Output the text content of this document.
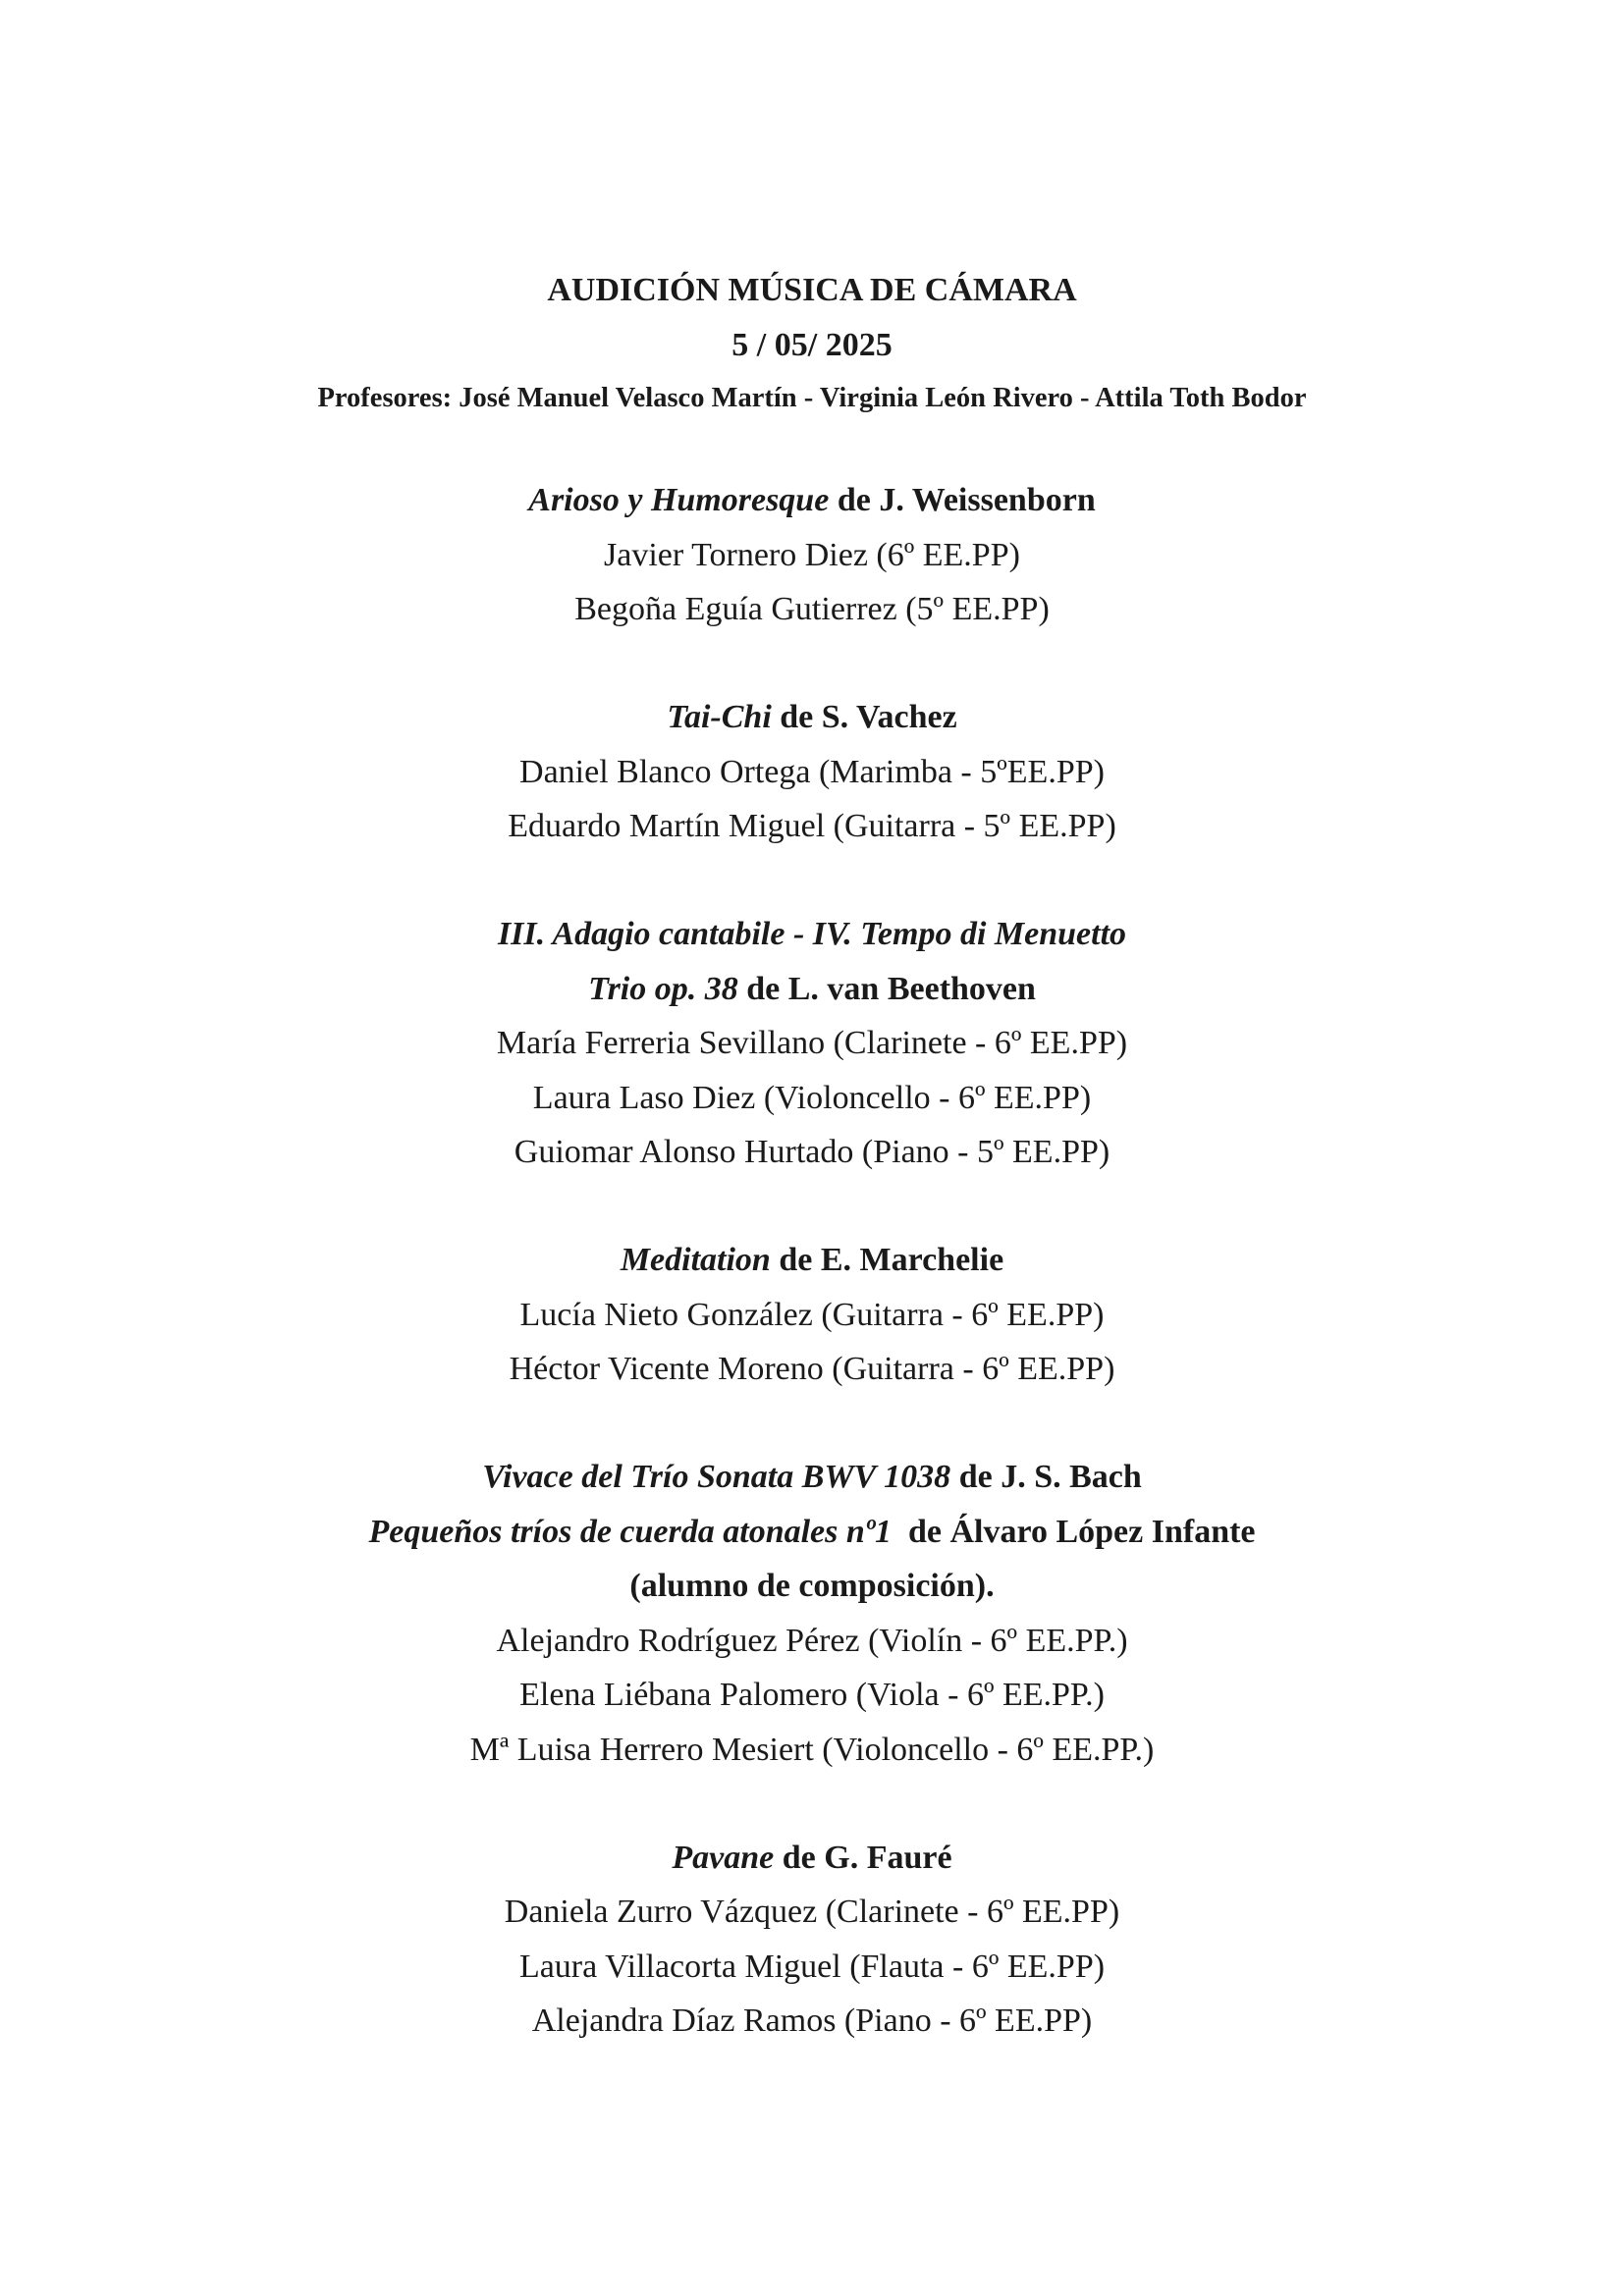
AUDICIÓN MÚSICA DE CÁMARA

5 / 05/ 2025

Profesores: José Manuel Velasco Martín - Virginia León Rivero - Attila Toth Bodor

Arioso y Humoresque de J. Weissenborn

Javier Tornero Diez (6º EE.PP)

Begoña Eguía Gutierrez (5º EE.PP)

Tai-Chi de S. Vachez

Daniel Blanco Ortega (Marimba - 5ºEE.PP)

Eduardo Martín Miguel (Guitarra - 5º EE.PP)

III. Adagio cantabile - IV. Tempo di Menuetto

Trio op. 38 de L. van Beethoven

María Ferreria Sevillano (Clarinete - 6º EE.PP)

Laura Laso Diez (Violoncello - 6º EE.PP)

Guiomar Alonso Hurtado (Piano - 5º EE.PP)

Meditation de E. Marchelie

Lucía Nieto González (Guitarra - 6º EE.PP)

Héctor Vicente Moreno (Guitarra - 6º EE.PP)

Vivace del Trío Sonata BWV 1038 de J. S. Bach

Pequeños tríos de cuerda atonales nº1  de Álvaro López Infante

(alumno de composición).

Alejandro Rodríguez Pérez (Violín - 6º EE.PP.)

Elena Liébana Palomero (Viola - 6º EE.PP.)

Mª Luisa Herrero Mesiert (Violoncello - 6º EE.PP.)

Pavane de G. Fauré

Daniela Zurro Vázquez (Clarinete - 6º EE.PP)

Laura Villacorta Miguel (Flauta - 6º EE.PP)

Alejandra Díaz Ramos (Piano - 6º EE.PP)
